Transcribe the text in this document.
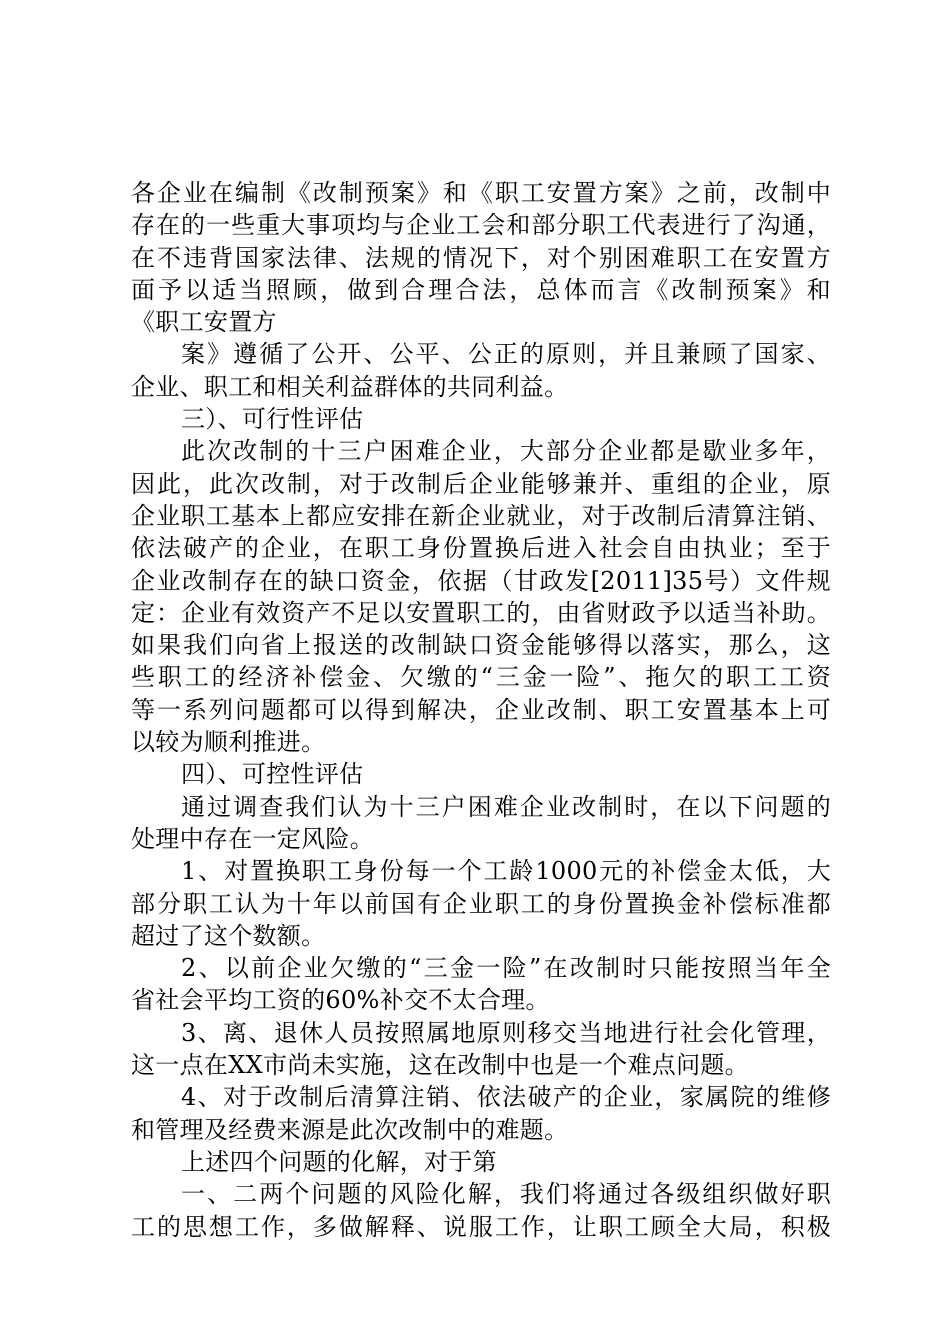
各企业在编制《改制预案》和《职工安置方案》之前，改制中
存在的一些重大事项均与企业工会和部分职工代表进行了沟通，
在不违背国家法律、法规的情况下，对个别困难职工在安置方
面予以适当照顾，做到合理合法，总体而言《改制预案》和
《职工安置方
案》遵循了公开、公平、公正的原则，并且兼顾了国家、
企业、职工和相关利益群体的共同利益。
三）、可行性评估
此次改制的十三户困难企业，大部分企业都是歇业多年，
因此，此次改制，对于改制后企业能够兼并、重组的企业，原
企业职工基本上都应安排在新企业就业，对于改制后清算注销、
依法破产的企业，在职工身份置换后进入社会自由执业；至于
企业改制存在的缺口资金，依据（甘政发[2011]35号）文件规
定：企业有效资产不足以安置职工的，由省财政予以适当补助。
如果我们向省上报送的改制缺口资金能够得以落实，那么，这
些职工的经济补偿金、欠缴的“三金一险”、拖欠的职工工资
等一系列问题都可以得到解决，企业改制、职工安置基本上可
以较为顺利推进。
四）、可控性评估
通过调查我们认为十三户困难企业改制时，在以下问题的
处理中存在一定风险。
1、对置换职工身份每一个工龄1000元的补偿金太低，大
部分职工认为十年以前国有企业职工的身份置换金补偿标准都
超过了这个数额。
2、以前企业欠缴的“三金一险”在改制时只能按照当年全
省社会平均工资的60%补交不太合理。
3、离、退休人员按照属地原则移交当地进行社会化管理，
这一点在XX市尚未实施，这在改制中也是一个难点问题。
4、对于改制后清算注销、依法破产的企业，家属院的维修
和管理及经费来源是此次改制中的难题。
上述四个问题的化解，对于第
一、二两个问题的风险化解，我们将通过各级组织做好职
工的思想工作，多做解释、说服工作，让职工顾全大局，积极
